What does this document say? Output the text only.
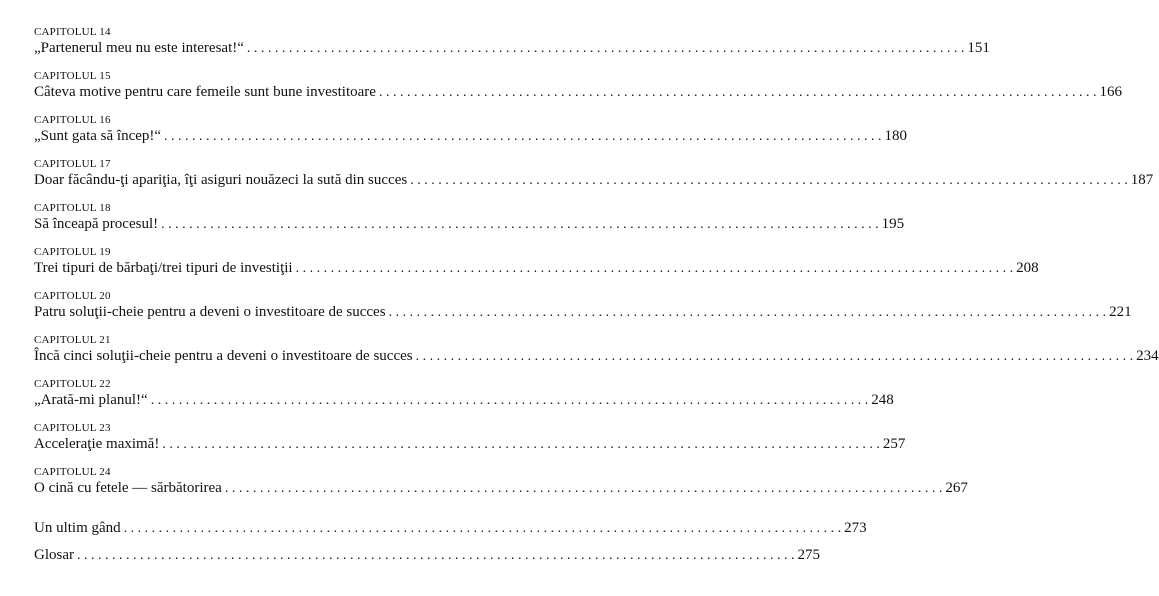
CAPITOLUL 14
„Partenerul meu nu este interesat!“ . . .	151
CAPITOLUL 15
Câteva motive pentru care femeile sunt bune investitoare . . .	166
CAPITOLUL 16
„Sunt gata să încep!“ . . .	180
CAPITOLUL 17
Doar făcându-ţi apariţia, îţi asiguri nouăzeci la sută din succes . . .	187
CAPITOLUL 18
Să înceapă procesul! . . .	195
CAPITOLUL 19
Trei tipuri de bărbaţi/trei tipuri de investiţii . . .	208
CAPITOLUL 20
Patru soluţii-cheie pentru a deveni o investitoare de succes . . .	221
CAPITOLUL 21
Încă cinci soluţii-cheie pentru a deveni o investitoare de succes . . .	234
CAPITOLUL 22
„Arată-mi planul!“ . . .	248
CAPITOLUL 23
Acceleraţie maximă! . . .	257
CAPITOLUL 24
O cină cu fetele — sărbătorirea . . .	267
Un ultim gând . . .	273
Glosar . . .	275
